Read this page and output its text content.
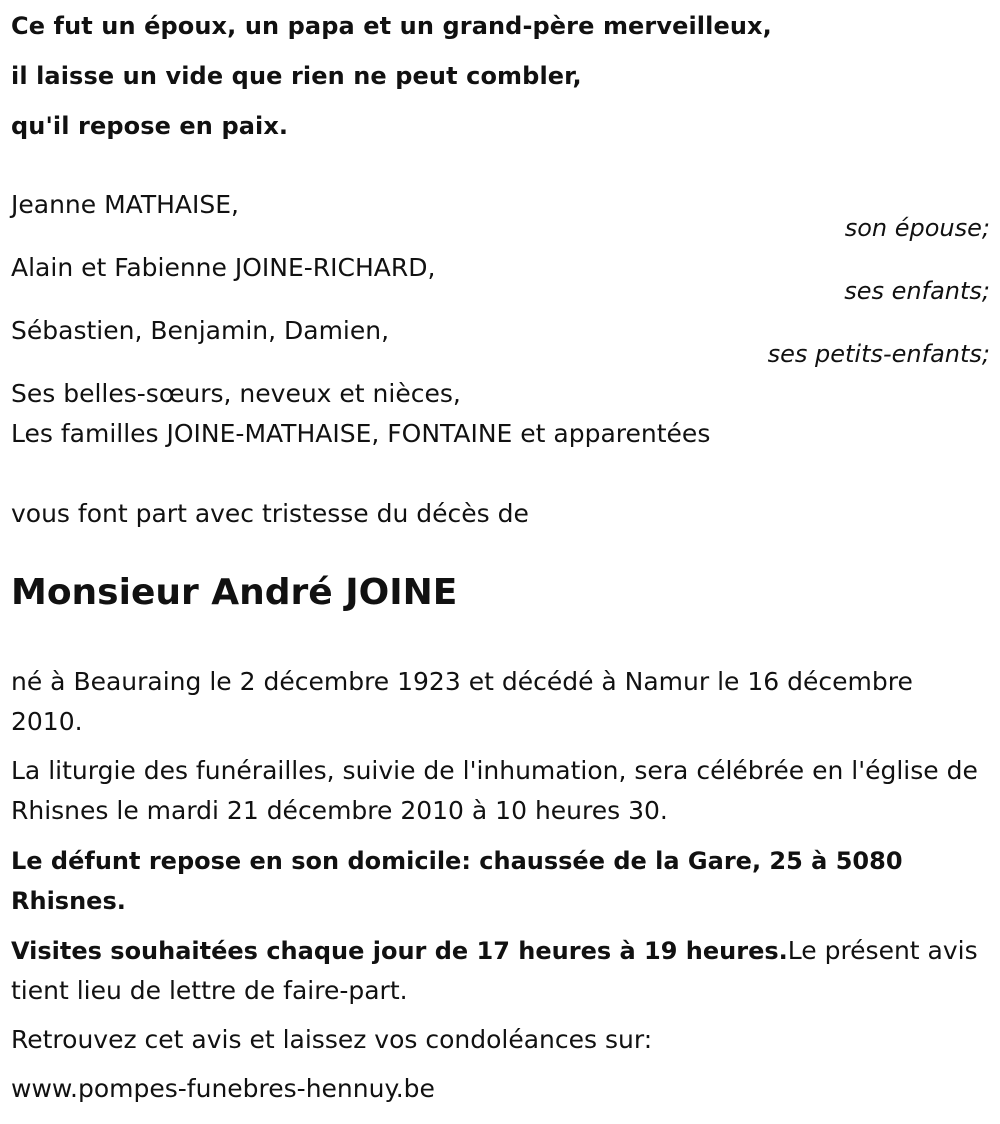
Ce fut un époux, un papa et un grand-père merveilleux,

il laisse un vide que rien ne peut combler,

qu'il repose en paix.

Jeanne MATHAISE,

son épouse;

Alain et Fabienne JOINE-RICHARD,

ses enfants;

Sébastien, Benjamin, Damien,

ses petits-enfants;

Ses belles-sœurs, neveux et nièces,

Les familles JOINE-MATHAISE, FONTAINE et apparentées

vous font part avec tristesse du décès de

Monsieur André JOINE

né à Beauraing le 2 décembre 1923 et décédé à Namur le 16 décembre 2010.

La liturgie des funérailles, suivie de l'inhumation, sera célébrée en l'église de Rhisnes le mardi 21 décembre 2010 à 10 heures 30.

Le défunt repose en son domicile: chaussée de la Gare, 25 à 5080 Rhisnes.

Visites souhaitées chaque jour de 17 heures à 19 heures.Le présent avis tient lieu de lettre de faire-part.

Retrouvez cet avis et laissez vos condoléances sur:

www.pompes-funebres-hennuy.be
